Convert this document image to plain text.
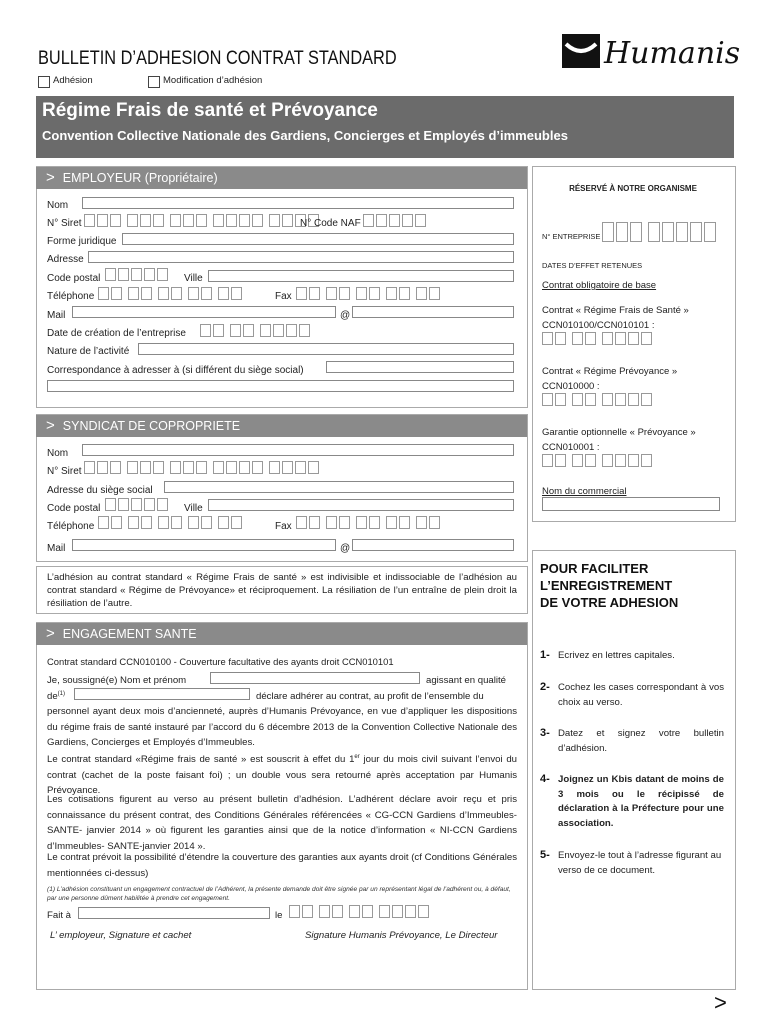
BULLETIN D’ADHESION CONTRAT STANDARD
Adhésion	Modification d’adhésion
Humanis
Régime Frais de santé et Prévoyance
Convention Collective Nationale des Gardiens, Concierges et Employés d’immeubles
> EMPLOYEUR (Propriétaire)
Nom
N° Siret	N° Code NAF
Forme juridique
Adresse
Code postal	Ville
Téléphone	Fax
Mail	@
Date de création de l’entreprise
Nature de l’activité
Correspondance à adresser à (si différent du siège social)
> SYNDICAT DE COPROPRIETE
Nom
N° Siret
Adresse du siège social
Code postal	Ville
Téléphone	Fax
Mail	@
L’adhésion au contrat standard « Régime Frais de santé » est indivisible et indissociable de l’adhésion au contrat standard « Régime de Prévoyance» et réciproquement. La résiliation de l’un entraîne de plein droit la résiliation de l’autre.
> ENGAGEMENT SANTE
Contrat standard CCN010100 - Couverture facultative des ayants droit CCN010101
Je, soussigné(e) Nom et prénom	agissant en qualité
$de^{(1)}$	déclare adhérer au contrat, au profit de l’ensemble du
personnel ayant deux mois d’ancienneté, auprès d’Humanis Prévoyance, en vue d’appliquer les dispositions du régime frais de santé instauré par l’accord du 6 décembre 2013 de la Convention Collective Nationale des Gardiens, Concierges et Employés d’Immeubles.
Le contrat standard «Régime frais de santé » est souscrit à effet du 1er jour du mois civil suivant l’envoi du contrat (cachet de la poste faisant foi) ; un double vous sera retourné après acceptation par Humanis Prévoyance.
Les cotisations figurent au verso au présent bulletin d’adhésion. L’adhérent déclare avoir reçu et pris connaissance du présent contrat, des Conditions Générales référencées « CG-CCN Gardiens d’Immeubles-SANTE- janvier 2014 » où figurent les garanties ainsi que de la notice d’information « NI-CCN Gardiens d’Immeubles- SANTE-janvier 2014 ».
Le contrat prévoit la possibilité d’étendre la couverture des garanties aux ayants droit (cf Conditions Générales mentionnées ci-dessus)
(1) L’adhésion constituant un engagement contractuel de l’Adhérent, la présente demande doit être signée par un représentant légal de l’adhérent ou, à défaut, par une personne dûment habilitée à prendre cet engagement.
Fait à	le
L’ employeur, Signature et cachet	Signature Humanis Prévoyance, Le Directeur
RÉSERVÉ À NOTRE ORGANISME
N° ENTREPRISE
DATES D’EFFET RETENUES
Contrat obligatoire de base
Contrat « Régime Frais de Santé »
CCN010100/CCN010101 :
Contrat « Régime Prévoyance »
CCN010000 :
Garantie optionnelle « Prévoyance »
CCN010001 :
Nom du commercial
POUR FACILITER
L’ENREGISTREMENT
DE VOTRE ADHESION
1- Ecrivez en lettres capitales.
2- Cochez les cases correspondant à vos choix au verso.
3- Datez et signez votre bulletin d’adhésion.
4- Joignez un Kbis datant de moins de 3 mois ou le récipissé de déclaration à la Préfecture pour une association.
5- Envoyez-le tout à l’adresse figurant au verso de ce document.
>
